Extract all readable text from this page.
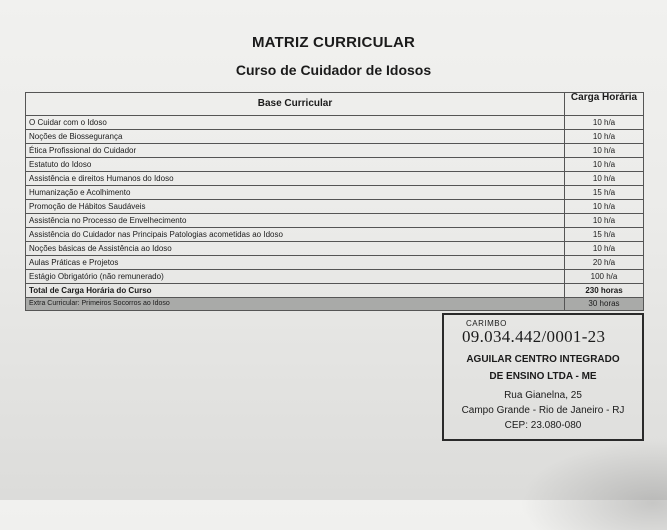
MATRIZ CURRICULAR
Curso de Cuidador de Idosos
Base Curricular	Carga Horária
O Cuidar com o Idoso	10 h/a
Noções de Biossegurança	10 h/a
Ética Profissional do Cuidador	10 h/a
Estatuto do Idoso	10 h/a
Assistência e direitos Humanos do Idoso	10 h/a
Humanização e Acolhimento	15 h/a
Promoção de Hábitos Saudáveis	10 h/a
Assistência no Processo de Envelhecimento	10 h/a
Assistência do Cuidador nas Principais Patologias acometidas ao Idoso	15 h/a
Noções básicas de Assistência ao Idoso	10 h/a
Aulas Práticas e Projetos	20 h/a
Estágio Obrigatório (não remunerado)	100 h/a
Total de Carga Horária do Curso	230 horas
Extra Curricular: Primeiros Socorros ao Idoso	30 horas
CARIMBO
09.034.442/0001-23
AGUILAR CENTRO INTEGRADO
DE ENSINO LTDA - ME
Rua Gianelna, 25
Campo Grande - Rio de Janeiro - RJ
CEP: 23.080-080
